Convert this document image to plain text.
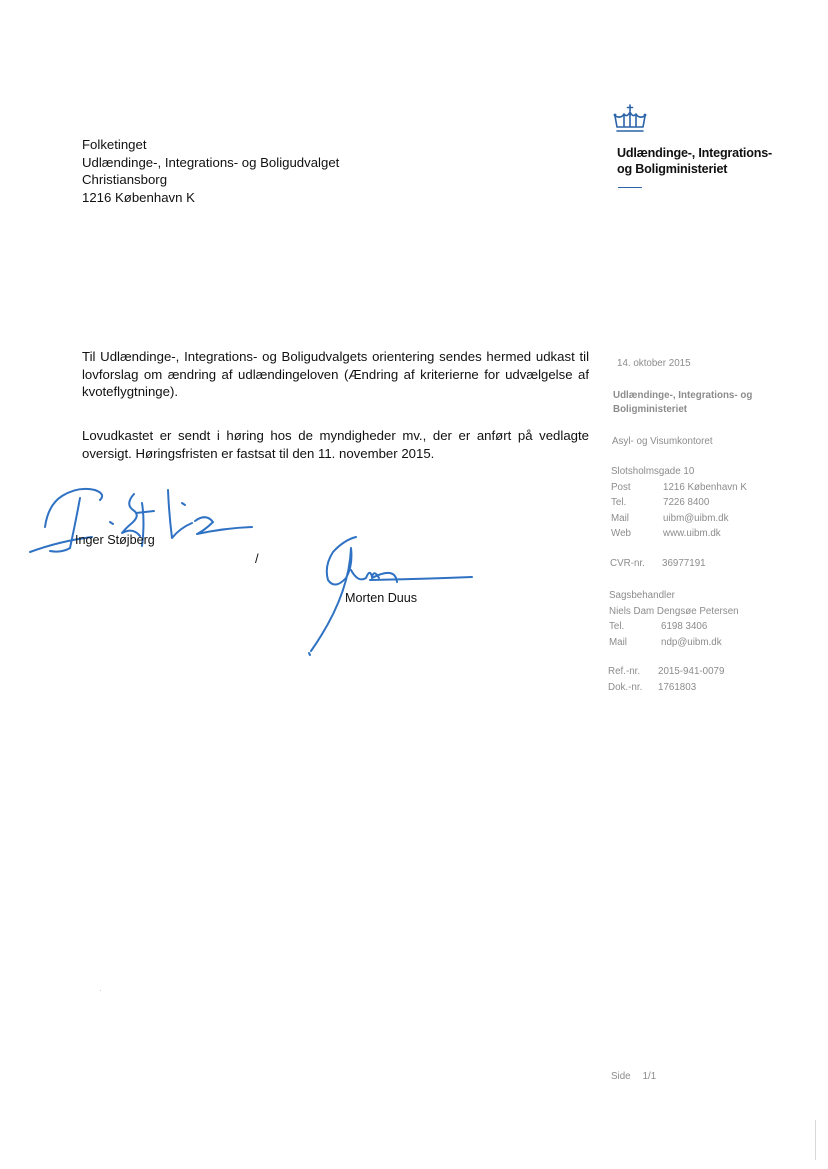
Folketinget
Udlændinge-, Integrations- og Boligudvalget
Christiansborg
1216 København K
Udlændinge-, Integrations-
og Boligministeriet
Til Udlændinge-, Integrations- og Boligudvalgets orientering sendes hermed udkast til lovforslag om ændring af udlændingeloven (Ændring af kriterierne for udvælgelse af kvoteflygtninge).
Lovudkastet er sendt i høring hos de myndigheder mv., der er anført på vedlagte oversigt. Høringsfristen er fastsat til den 11. november 2015.
Inger Støjberg
/
Morten Duus
14. oktober 2015
Udlændinge-, Integrations- og
Boligministeriet
Asyl- og Visumkontoret
Slotsholmsgade 10
Post	1216 København K
Tel.	7226 8400
Mail	uibm@uibm.dk
Web	www.uibm.dk
CVR-nr. 36977191
Sagsbehandler
Niels Dam Dengsøe Petersen
Tel.	6198 3406
Mail	ndp@uibm.dk
Ref.-nr. 2015-941-0079
Dok.-nr. 1761803
Side 1/1
